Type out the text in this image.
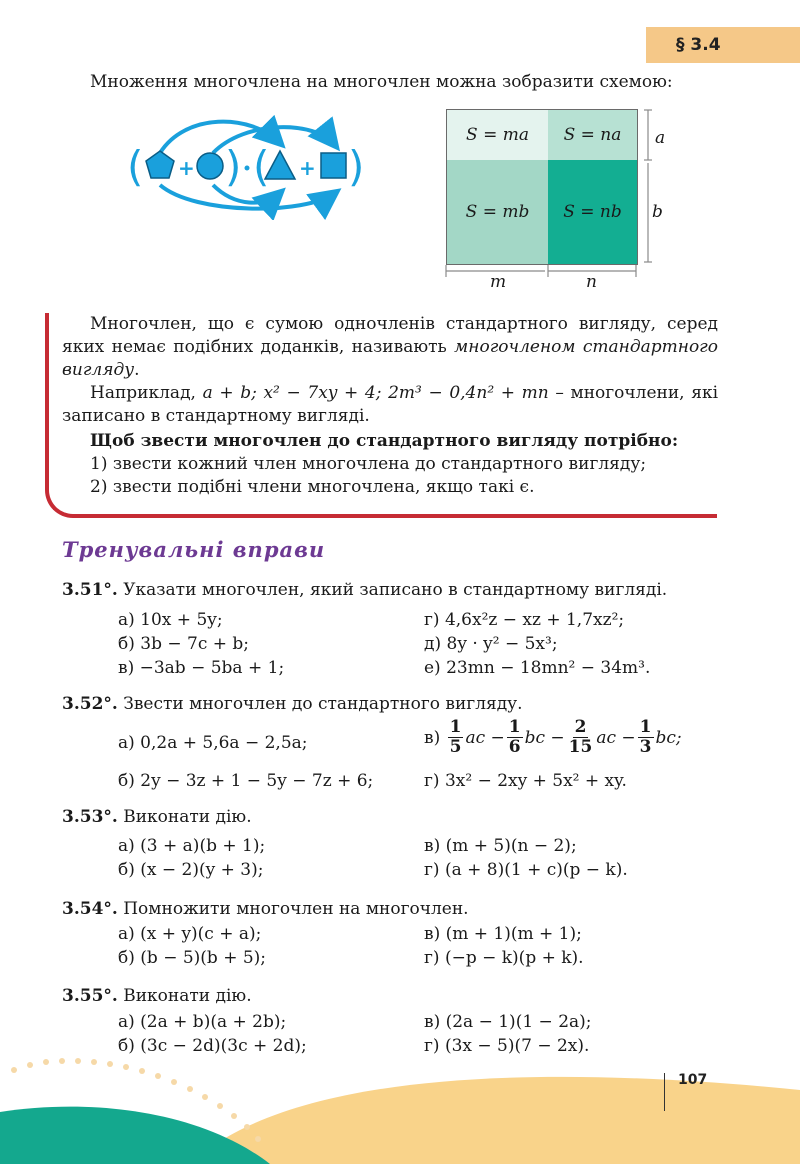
§ 3.4
Множення многочлена на многочлен можна зобразити схемою:
( + ) ( + )
S = ma	S = na
S = mb	S = nb
a
b
m	n

Многочлен, що є сумою одночленів стандартного вигляду, серед яких немає подібних доданків, називають многочленом стандартного вигляду.

Наприклад, a + b; x² − 7xy + 4; 2m³ − 0,4n² + mn – многочлени, які записано в стандартному вигляді.

Щоб звести многочлен до стандартного вигляду потрібно:

1) звести кожний член многочлена до стандартного вигляду;

2) звести подібні члени многочлена, якщо такі є.

Тренувальні вправи
3.51°. Указати многочлен, який записано в стандартному вигляді.
а) 10x + 5y;
б) 3b − 7c + b;
в) −3ab − 5ba + 1;
г) 4,6x²z − xz + 1,7xz²;
д) 8y · y² − 5x³;
е) 23mn − 18mn² − 34m³.
3.52°. Звести многочлен до стандартного вигляду.
а) 0,2a + 5,6a − 2,5a;	в)
$\frac{1}{5}$ ac − $\frac{1}{6}$ bc − $\frac{2}{15}$ ac − $\frac{1}{3}$ bc;
б) 2y − 3z + 1 − 5y − 7z + 6;	г) 3x² − 2xy + 5x² + xy.
3.53°. Виконати дію.
а) (3 + a)(b + 1);
б) (x − 2)(y + 3);
в) (m + 5)(n − 2);
г) (a + 8)(1 + c)(p − k).
3.54°. Помножити многочлен на многочлен.
а) (x + y)(c + a);
б) (b − 5)(b + 5);
в) (m + 1)(m + 1);
г) (−p − k)(p + k).
3.55°. Виконати дію.
а) (2a + b)(a + 2b);
б) (3c − 2d)(3c + 2d);
в) (2a − 1)(1 − 2a);
г) (3x − 5)(7 − 2x).
107
